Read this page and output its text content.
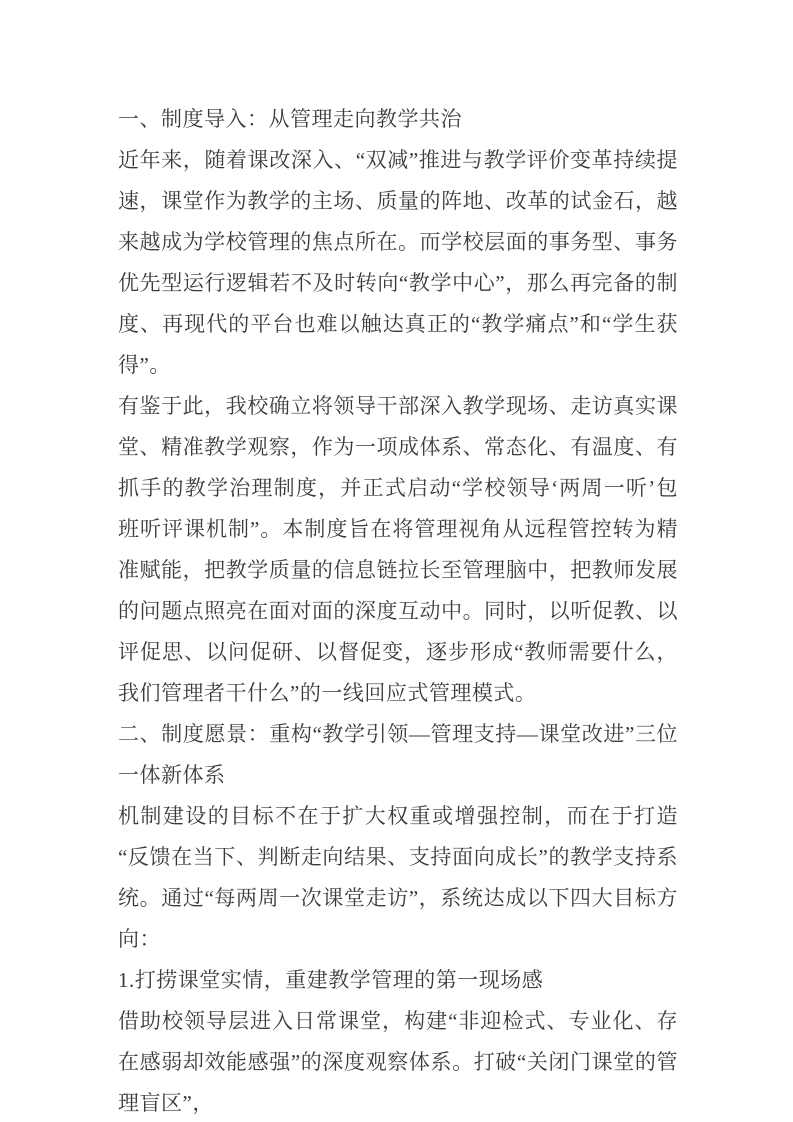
一、制度导入：从管理走向教学共治

近年来，随着课改深入、“双减”推进与教学评价变革持续提速，课堂作为教学的主场、质量的阵地、改革的试金石，越来越成为学校管理的焦点所在。而学校层面的事务型、事务优先型运行逻辑若不及时转向“教学中心”，那么再完备的制度、再现代的平台也难以触达真正的“教学痛点”和“学生获得”。

有鉴于此，我校确立将领导干部深入教学现场、走访真实课堂、精准教学观察，作为一项成体系、常态化、有温度、有抓手的教学治理制度，并正式启动“学校领导‘两周一听’包班听评课机制”。本制度旨在将管理视角从远程管控转为精准赋能，把教学质量的信息链拉长至管理脑中，把教师发展的问题点照亮在面对面的深度互动中。同时，以听促教、以评促思、以问促研、以督促变，逐步形成“教师需要什么，我们管理者干什么”的一线回应式管理模式。

二、制度愿景：重构“教学引领—管理支持—课堂改进”三位一体新体系

机制建设的目标不在于扩大权重或增强控制，而在于打造“反馈在当下、判断走向结果、支持面向成长”的教学支持系统。通过“每两周一次课堂走访”，系统达成以下四大目标方向：

1.打捞课堂实情，重建教学管理的第一现场感

借助校领导层进入日常课堂，构建“非迎检式、专业化、存在感弱却效能感强”的深度观察体系。打破“关闭门课堂的管理盲区”，
